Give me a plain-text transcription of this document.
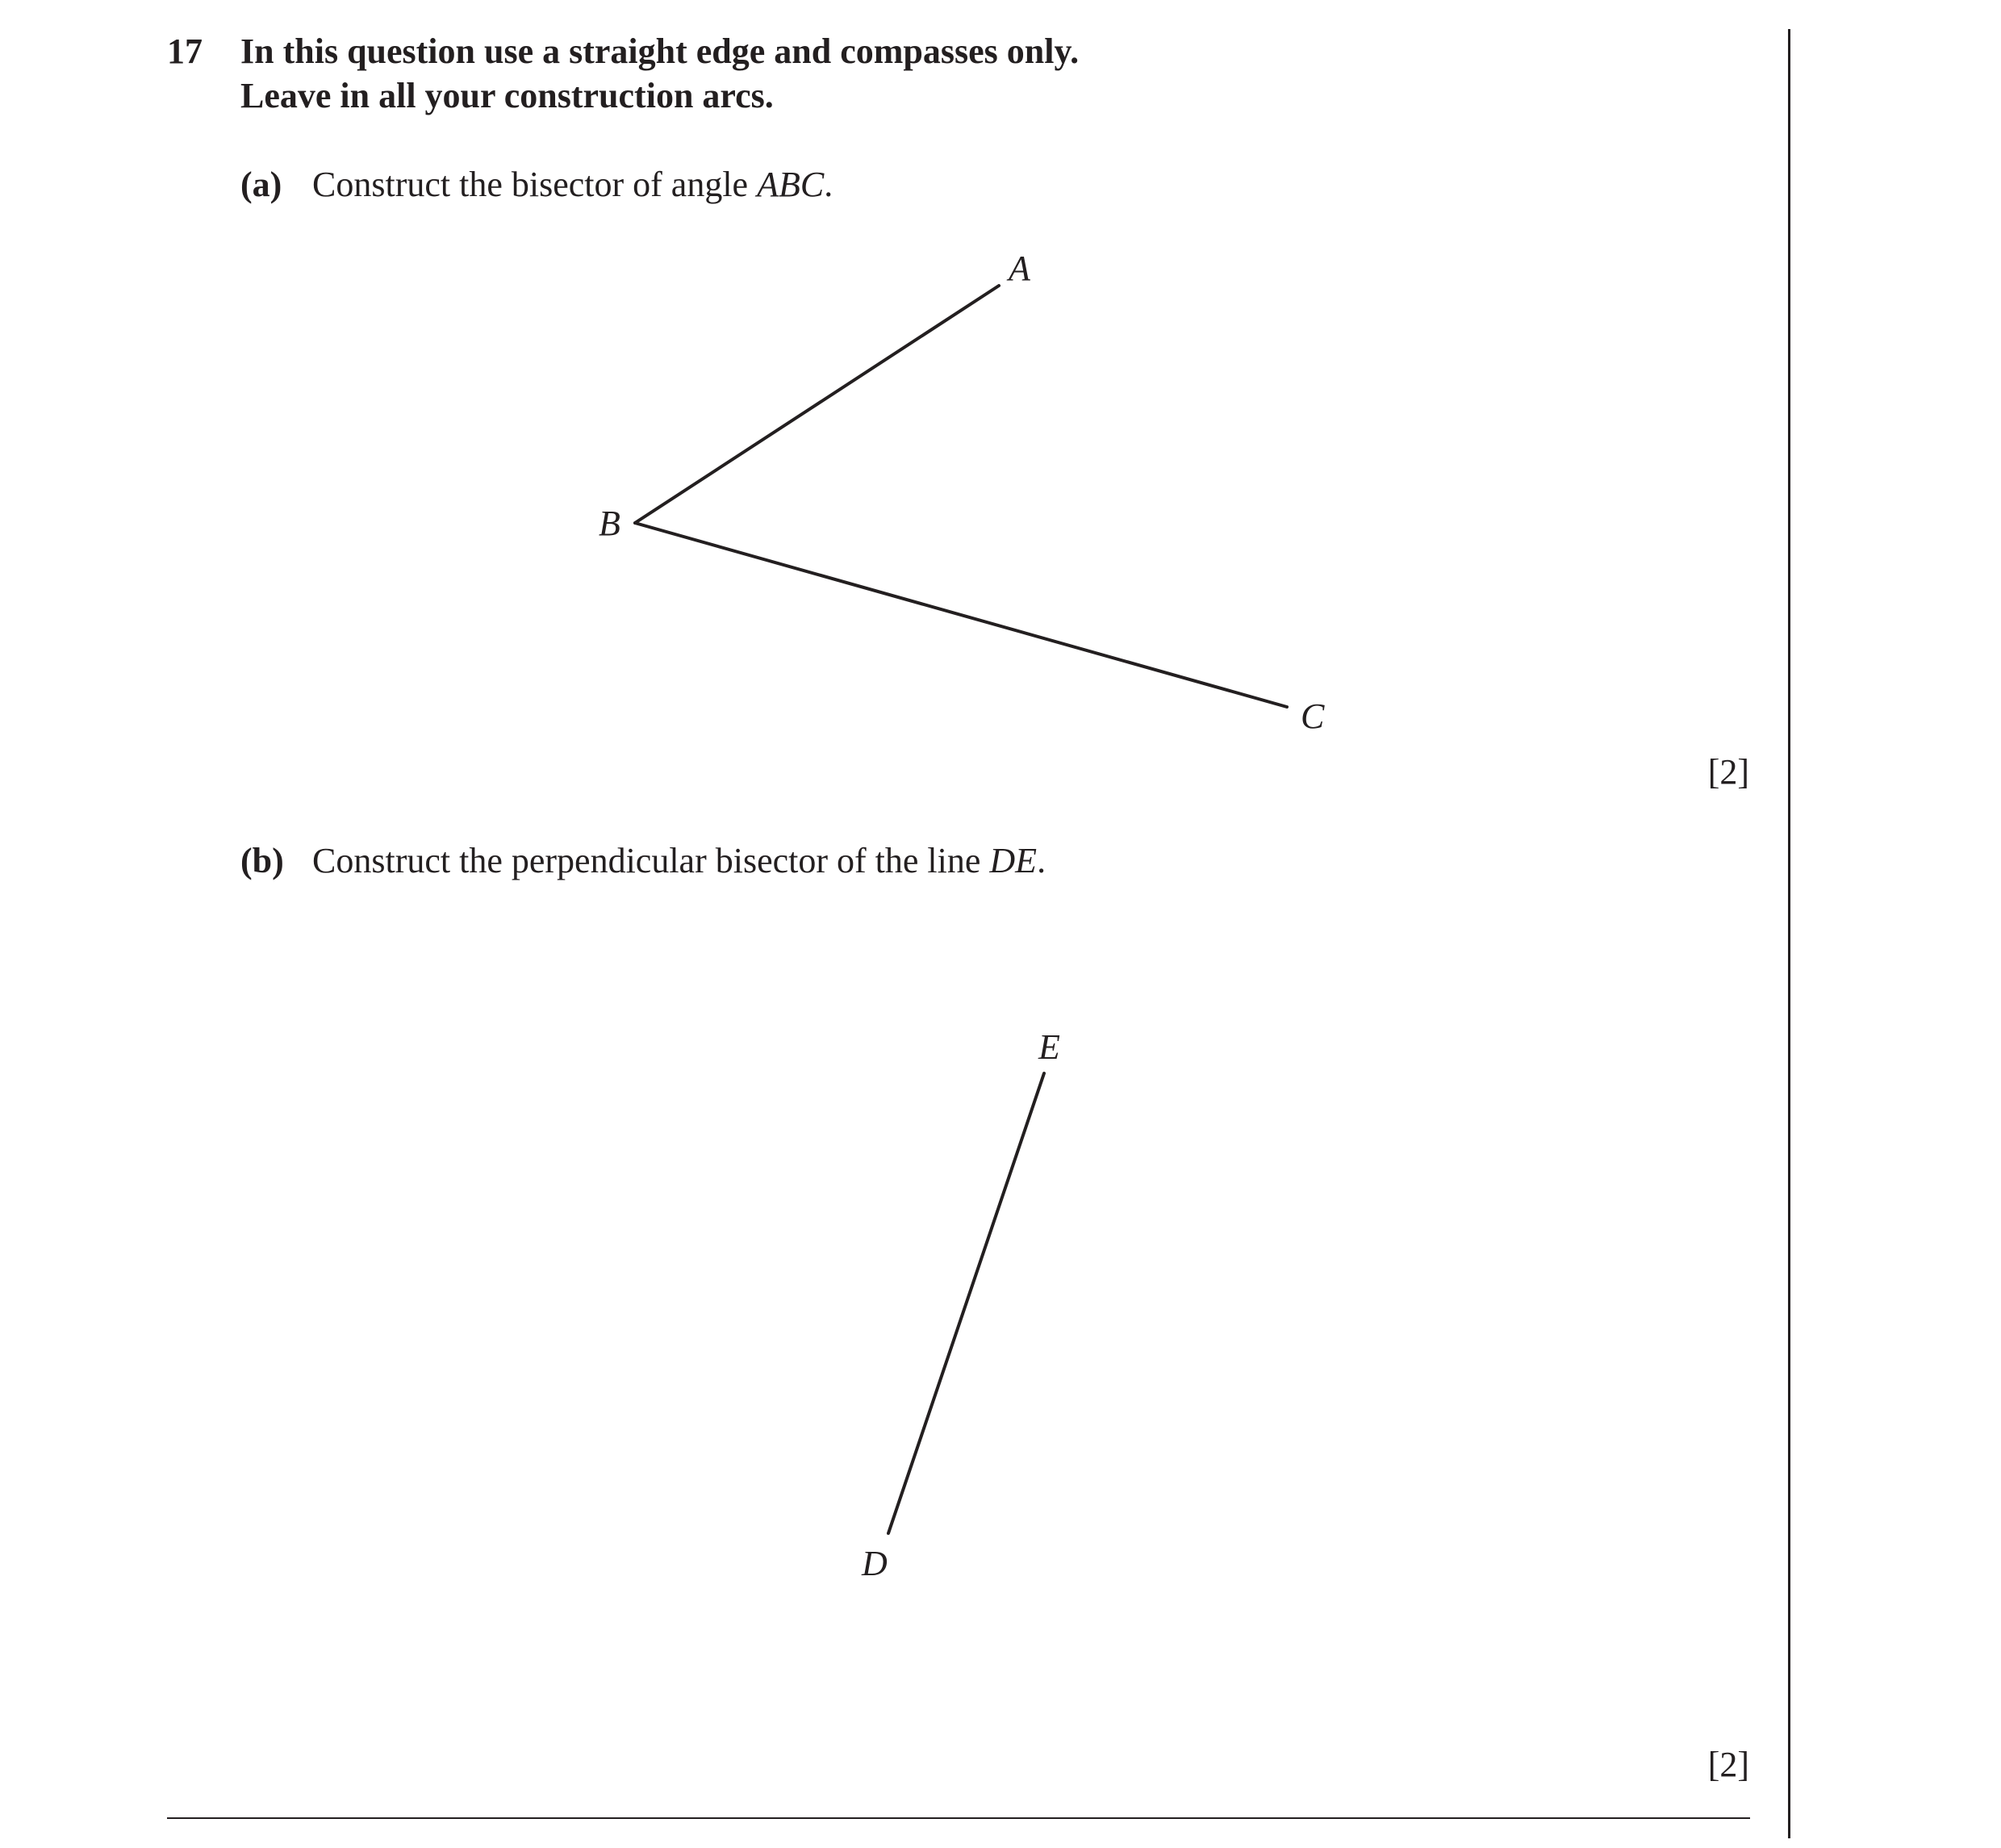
17 In this question use a straight edge and compasses only.
Leave in all your construction arcs.
(a) Construct the bisector of angle ABC.
[2]
(b) Construct the perpendicular bisector of the line DE.
[2]
A
B
C
E
D
